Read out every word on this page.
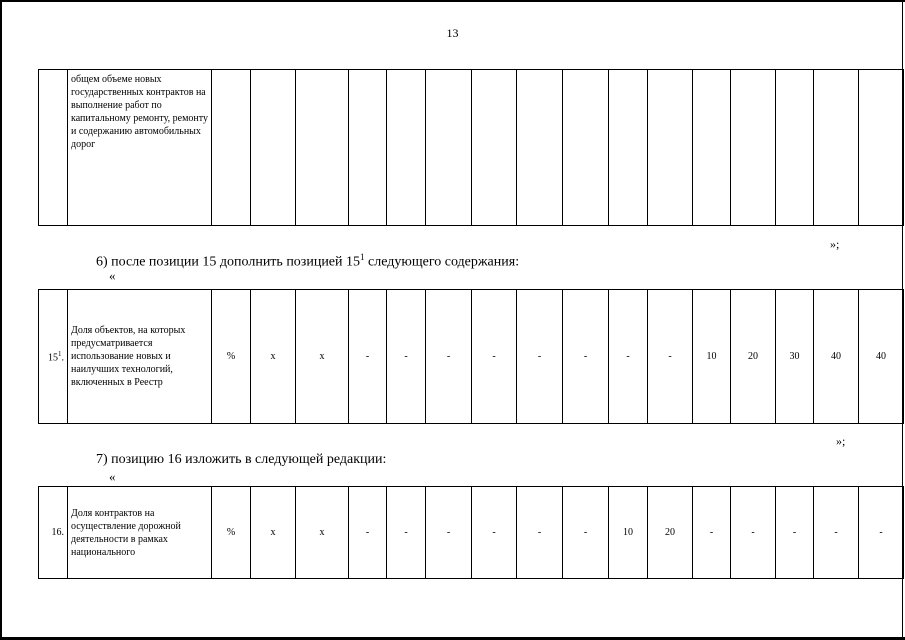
13
	общем объеме новых государственных контрактов на выполнение работ по капитальному ремонту, ремонту и содержанию автомобильных дорог																
»;
6) после позиции 15 дополнить позицией $15^1$ следующего содержания:
«
$15^1$.	Доля объектов, на которых предусматривается использование новых и наилучших технологий, включенных в Реестр	%	x	x	-	-	-	-	-	-	-	-	10	20	30	40	40
»;
7) позицию 16 изложить в следующей редакции:
«
16.	Доля контрактов на осуществление дорожной деятельности в рамках национального	%	x	x	-	-	-	-	-	-	10	20	-	-	-	-	-
